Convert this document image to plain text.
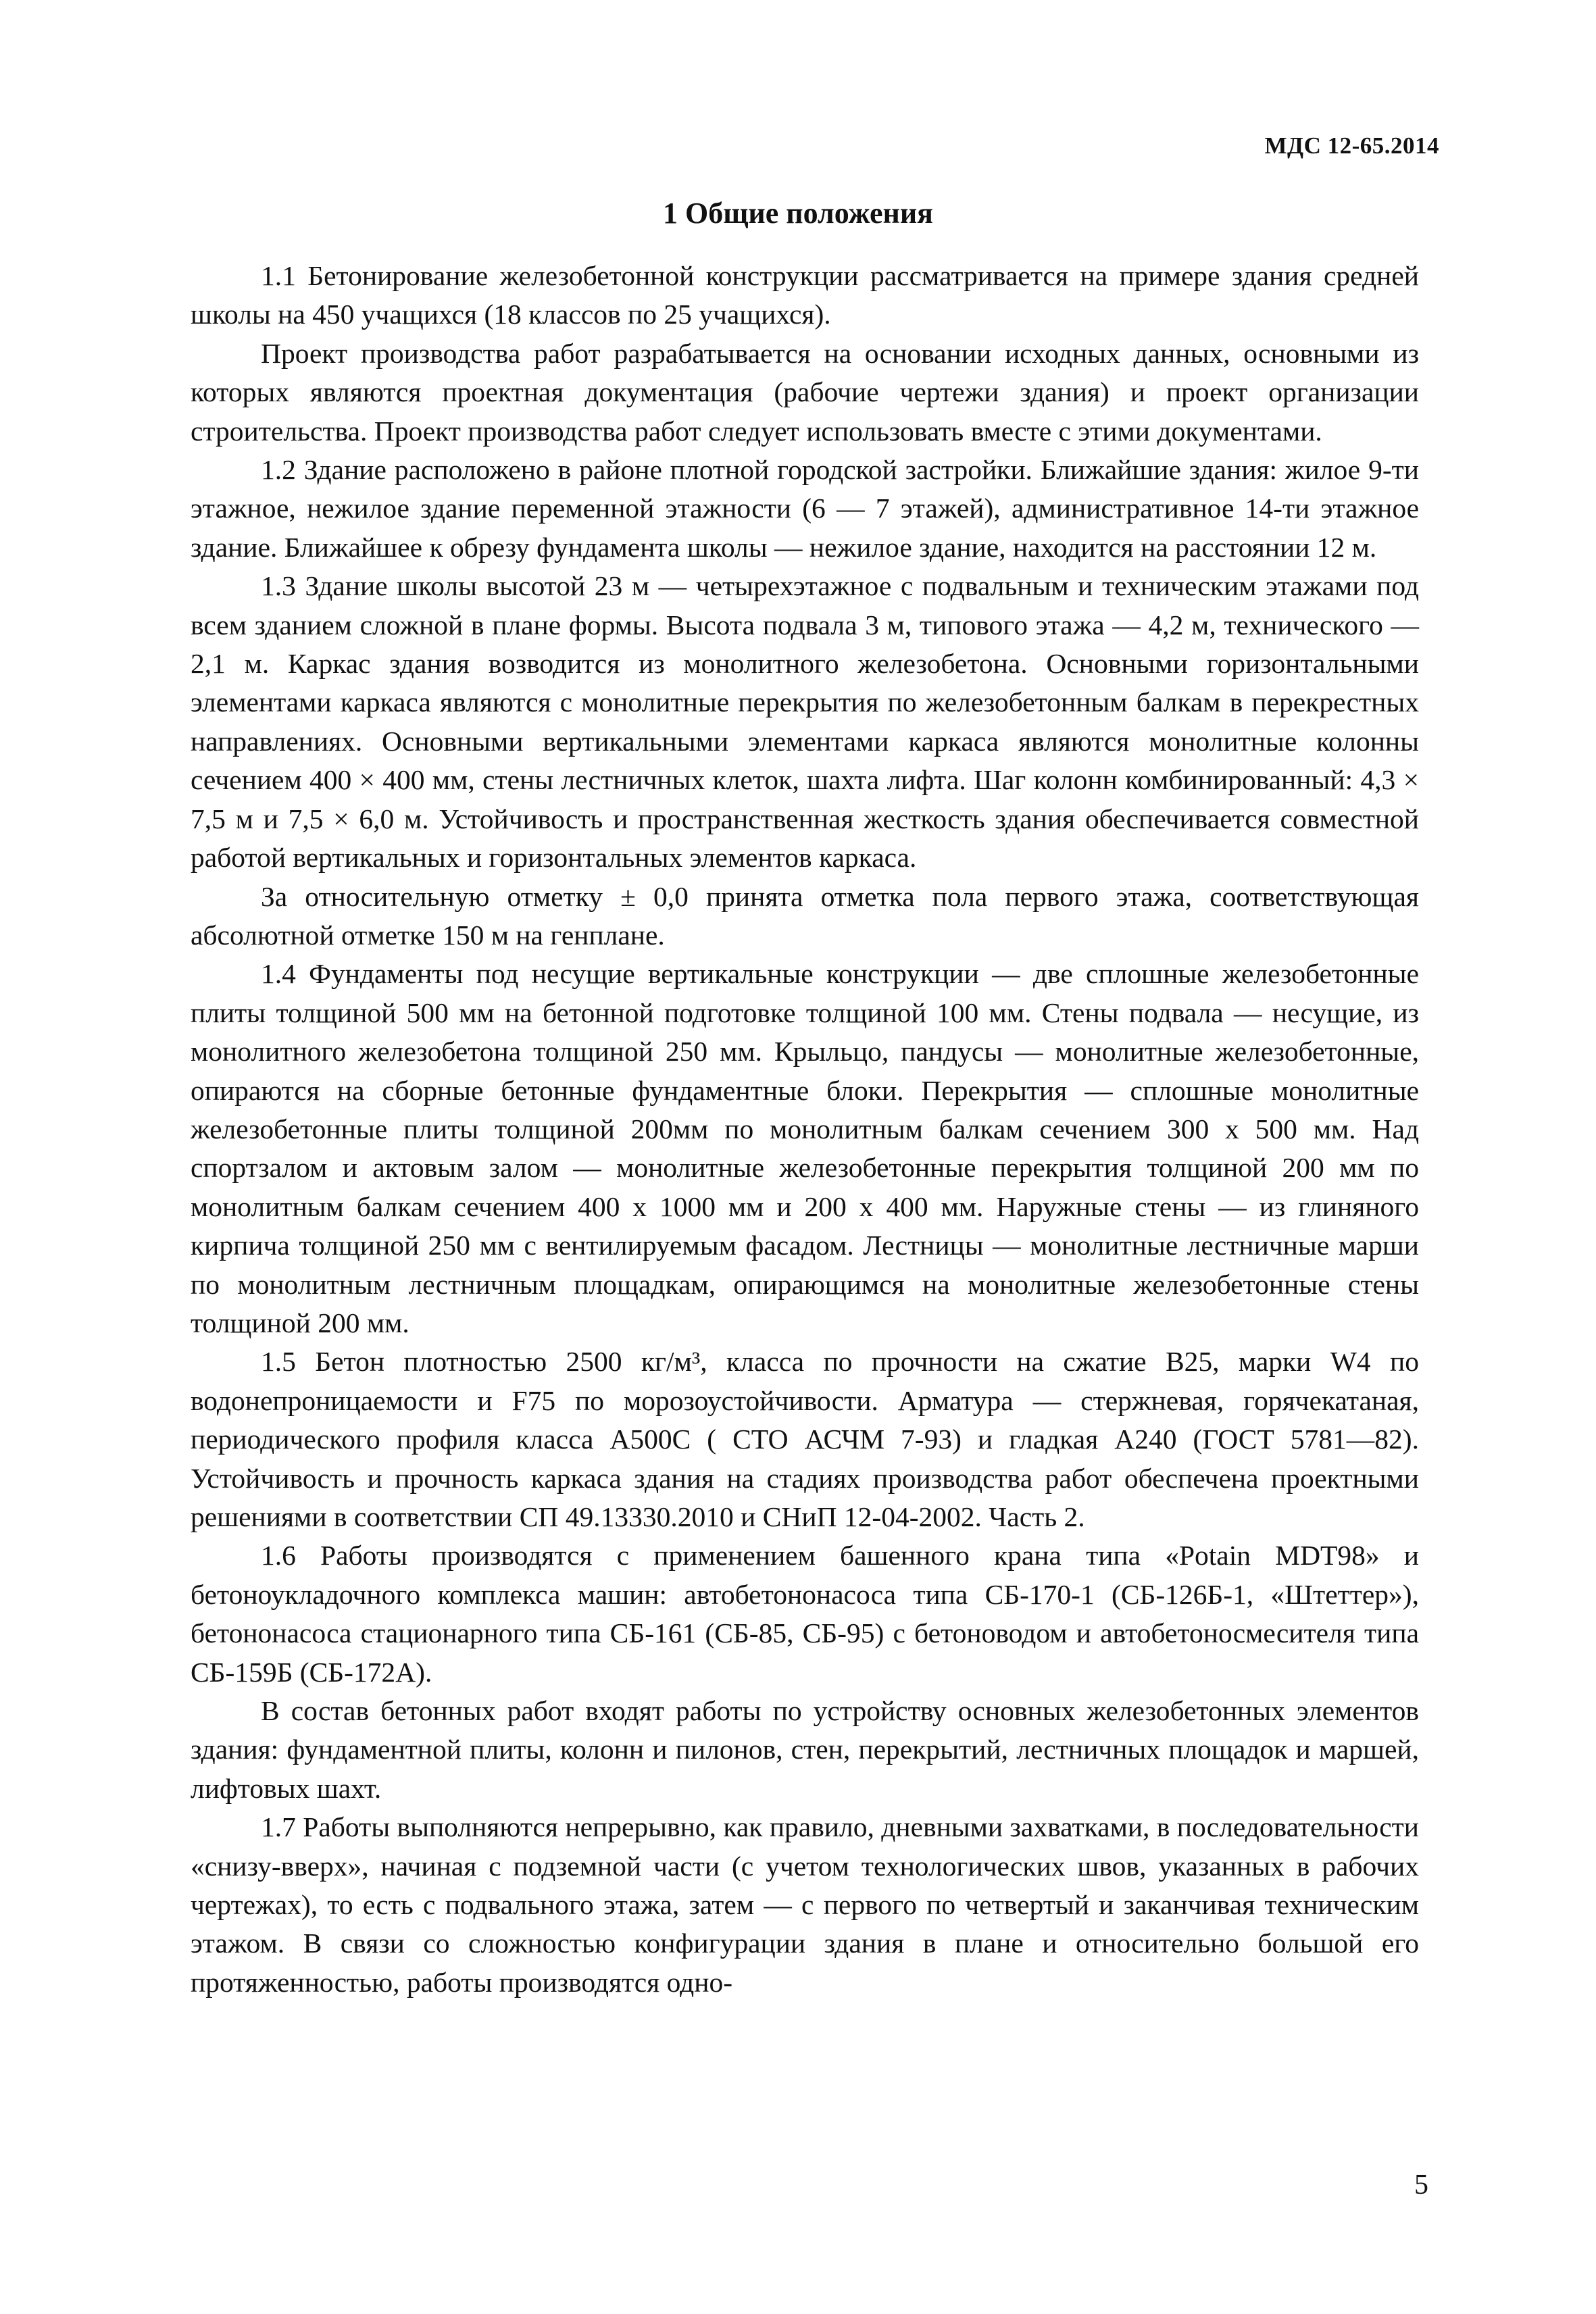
МДС 12-65.2014
1 Общие положения

1.1 Бетонирование железобетонной конструкции рассматривается на примере здания средней школы на 450 учащихся (18 классов по 25 учащихся).

Проект производства работ разрабатывается на основании исходных данных, основными из которых являются проектная документация (рабочие чертежи здания) и проект организации строительства. Проект производства работ следует использовать вместе с этими документами.

1.2 Здание расположено в районе плотной городской застройки. Ближайшие здания: жилое 9-ти этажное, нежилое здание переменной этажности (6 — 7 этажей), административное 14-ти этажное здание. Ближайшее к обрезу фундамента школы — нежилое здание, находится на расстоянии 12 м.

1.3 Здание школы высотой 23 м — четырехэтажное с подвальным и техническим этажами под всем зданием сложной в плане формы. Высота подвала 3 м, типового этажа — 4,2 м, технического — 2,1 м. Каркас здания возводится из монолитного железобетона. Основными горизонтальными элементами каркаса являются с монолитные перекрытия по железобетонным балкам в перекрестных направлениях. Основными вертикальными элементами каркаса являются монолитные колонны сечением 400 × 400 мм, стены лестничных клеток, шахта лифта. Шаг колонн комбинированный: 4,3 × 7,5 м и 7,5 × 6,0 м. Устойчивость и пространственная жесткость здания обеспечивается совместной работой вертикальных и горизонтальных элементов каркаса.

За относительную отметку ± 0,0 принята отметка пола первого этажа, соответствующая абсолютной отметке 150 м на генплане.

1.4 Фундаменты под несущие вертикальные конструкции — две сплошные железобетонные плиты толщиной 500 мм на бетонной подготовке толщиной 100 мм. Стены подвала — несущие, из монолитного железобетона толщиной 250 мм. Крыльцо, пандусы — монолитные железобетонные, опираются на сборные бетонные фундаментные блоки. Перекрытия — сплошные монолитные железобетонные плиты толщиной 200мм по монолитным балкам сечением 300 х 500 мм. Над спортзалом и актовым залом — монолитные железобетонные перекрытия толщиной 200 мм по монолитным балкам сечением 400 х 1000 мм и 200 х 400 мм. Наружные стены — из глиняного кирпича толщиной 250 мм с вентилируемым фасадом. Лестницы — монолитные лестничные марши по монолитным лестничным площадкам, опирающимся на монолитные железобетонные стены толщиной 200 мм.

1.5 Бетон плотностью 2500 кг/м³, класса по прочности на сжатие В25, марки W4 по водонепроницаемости и F75 по морозоустойчивости. Арматура — стержневая, горячекатаная, периодического профиля класса А500С ( СТО АСЧМ 7-93) и гладкая А240 (ГОСТ 5781—82). Устойчивость и прочность каркаса здания на стадиях производства работ обеспечена проектными решениями в соответствии СП 49.13330.2010 и СНиП 12-04-2002. Часть 2.

1.6 Работы производятся с применением башенного крана типа «Potain MDT98» и бетоноукладочного комплекса машин: автобетононасоса типа СБ-170-1 (СБ-126Б-1, «Штеттер»), бетононасоса стационарного типа СБ-161 (СБ-85, СБ-95) с бетоноводом и автобетоносмесителя типа СБ-159Б (СБ-172А).

В состав бетонных работ входят работы по устройству основных железобетонных элементов здания: фундаментной плиты, колонн и пилонов, стен, перекрытий, лестничных площадок и маршей, лифтовых шахт.

1.7 Работы выполняются непрерывно, как правило, дневными захватками, в последовательности «снизу-вверх», начиная с подземной части (с учетом технологических швов, указанных в рабочих чертежах), то есть с подвального этажа, затем — с первого по четвертый и заканчивая техническим этажом. В связи со сложностью конфигурации здания в плане и относительно большой его протяженностью, работы производятся одно-

5
